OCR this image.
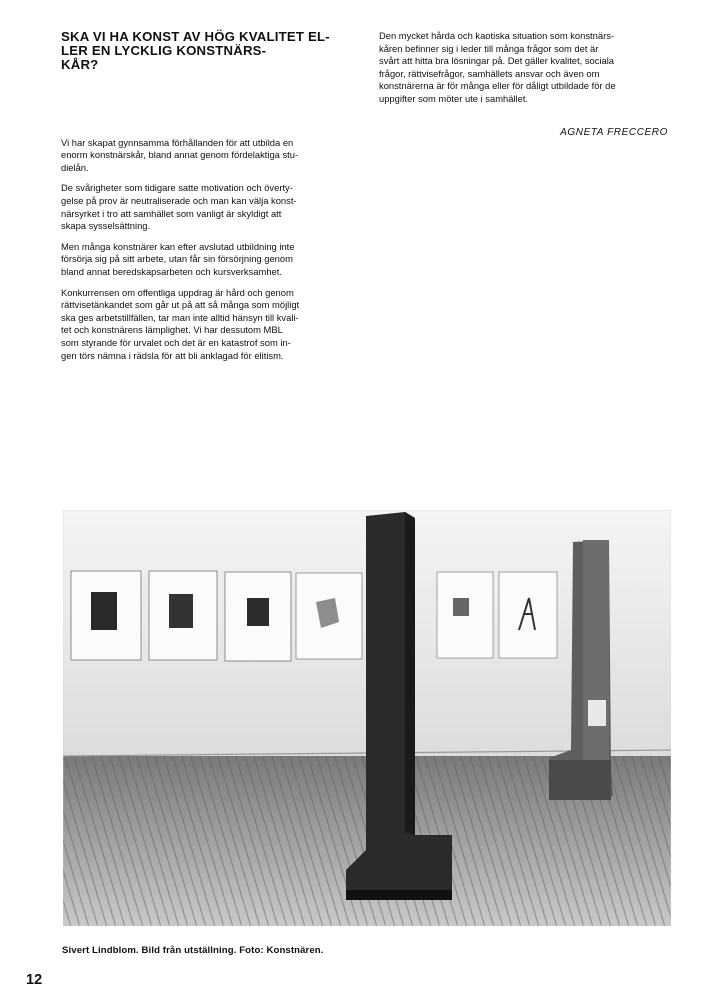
SKA VI HA KONST AV HÖG KVALITET EL-
LER EN LYCKLIG KONSTNÄRS-
KÅR?

Vi har skapat gynnsamma förhållanden för att utbilda en
enorm konstnärskår, bland annat genom fördelaktiga stu-
dielån.

De svårigheter som tidigare satte motivation och överty-
gelse på prov är neutraliserade och man kan välja konst-
närsyrket i tro att samhället som vanligt är skyldigt att
skapa sysselsättning.

Men många konstnärer kan efter avslutad utbildning inte
försörja sig på sitt arbete, utan får sin försörjning genom
bland annat beredskapsarbeten och kursverksamhet.

Konkurrensen om offentliga uppdrag är hård och genom
rättvisetänkandet som går ut på att så många som möjligt
ska ges arbetstillfällen, tar man inte alltid hänsyn till kvali-
tet och konstnärens lämplighet. Vi har dessutom MBL
som styrande för urvalet och det är en katastrof som in-
gen törs nämna i rädsla för att bli anklagad för elitism.

Den mycket hårda och kaotiska situation som konstnärs-
kåren befinner sig i leder till många frågor som det är
svårt att hitta bra lösningar på. Det gäller kvalitet, sociala
frågor, rättvisefrågor, samhällets ansvar och även om
konstnärerna är för många eller för dåligt utbildade för de
uppgifter som möter ute i samhället.

AGNETA FRECCERO
Sivert Lindblom. Bild från utställning. Foto: Konstnären.
12
